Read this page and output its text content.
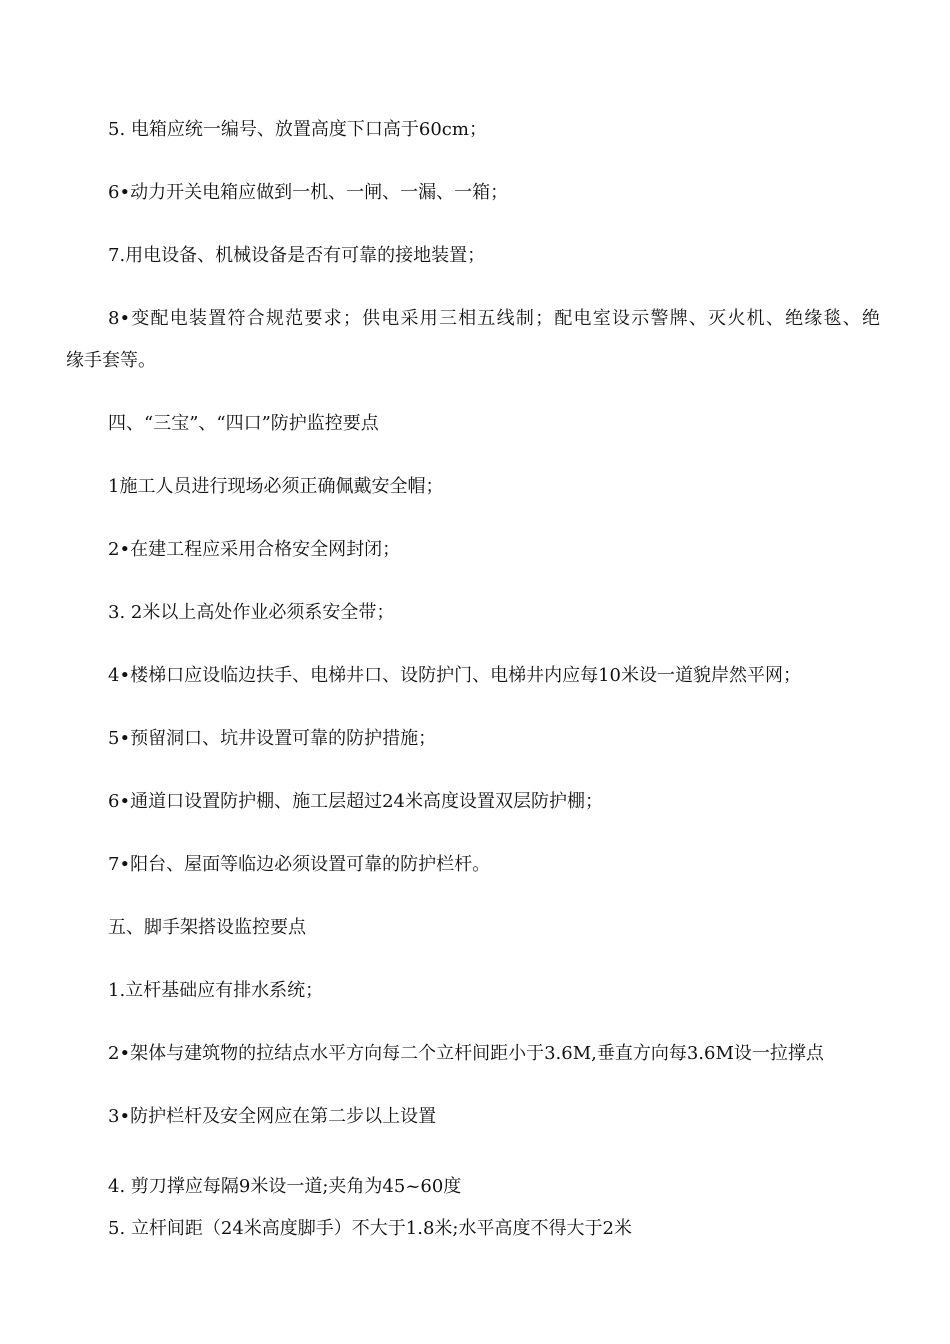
5. 电箱应统一编号、放置高度下口高于60cm；
6•动力开关电箱应做到一机、一闸、一漏、一箱；
7.用电设备、机械设备是否有可靠的接地装置；
8•变配电装置符合规范要求；供电采用三相五线制；配电室设示警牌、灭火机、绝缘毯、绝
缘手套等。
四、“三宝”、“四口”防护监控要点
1施工人员进行现场必须正确佩戴安全帽；
2•在建工程应采用合格安全网封闭；
3. 2米以上高处作业必须系安全带；
4•楼梯口应设临边扶手、电梯井口、设防护门、电梯井内应每10米设一道貌岸然平网；
5•预留洞口、坑井设置可靠的防护措施；
6•通道口设置防护棚、施工层超过24米高度设置双层防护棚；
7•阳台、屋面等临边必须设置可靠的防护栏杆。
五、脚手架搭设监控要点
1.立杆基础应有排水系统；
2•架体与建筑物的拉结点水平方向每二个立杆间距小于3.6M,垂直方向每3.6M设一拉撑点
3•防护栏杆及安全网应在第二步以上设置
4. 剪刀撑应每隔9米设一道;夹角为45~60度
5. 立杆间距（24米高度脚手）不大于1.8米;水平高度不得大于2米
